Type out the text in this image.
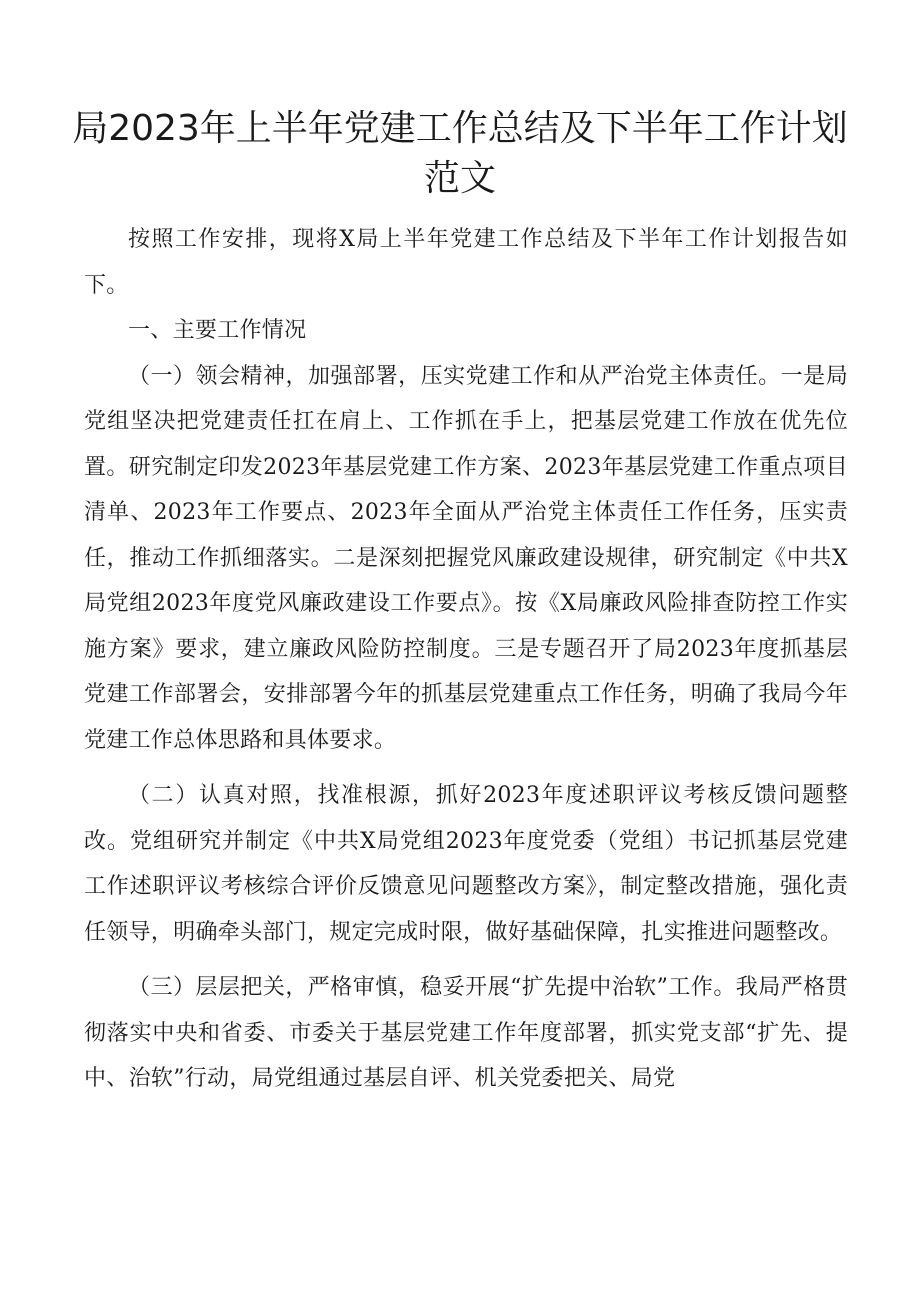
局2023年上半年党建工作总结及下半年工作计划
范文

按照工作安排，现将X局上半年党建工作总结及下半年工作计划报告如下。

一、主要工作情况

（一）领会精神，加强部署，压实党建工作和从严治党主体责任。一是局党组坚决把党建责任扛在肩上、工作抓在手上，把基层党建工作放在优先位置。研究制定印发2023年基层党建工作方案、2023年基层党建工作重点项目清单、2023年工作要点、2023年全面从严治党主体责任工作任务，压实责任，推动工作抓细落实。二是深刻把握党风廉政建设规律，研究制定《中共X局党组2023年度党风廉政建设工作要点》。按《X局廉政风险排查防控工作实施方案》要求，建立廉政风险防控制度。三是专题召开了局2023年度抓基层党建工作部署会，安排部署今年的抓基层党建重点工作任务，明确了我局今年党建工作总体思路和具体要求。

（二）认真对照，找准根源，抓好2023年度述职评议考核反馈问题整改。党组研究并制定《中共X局党组2023年度党委（党组）书记抓基层党建工作述职评议考核综合评价反馈意见问题整改方案》，制定整改措施，强化责任领导，明确牵头部门，规定完成时限，做好基础保障，扎实推进问题整改。

（三）层层把关，严格审慎，稳妥开展“扩先提中治软”工作。我局严格贯彻落实中央和省委、市委关于基层党建工作年度部署，抓实党支部“扩先、提中、治软”行动，局党组通过基层自评、机关党委把关、局党
